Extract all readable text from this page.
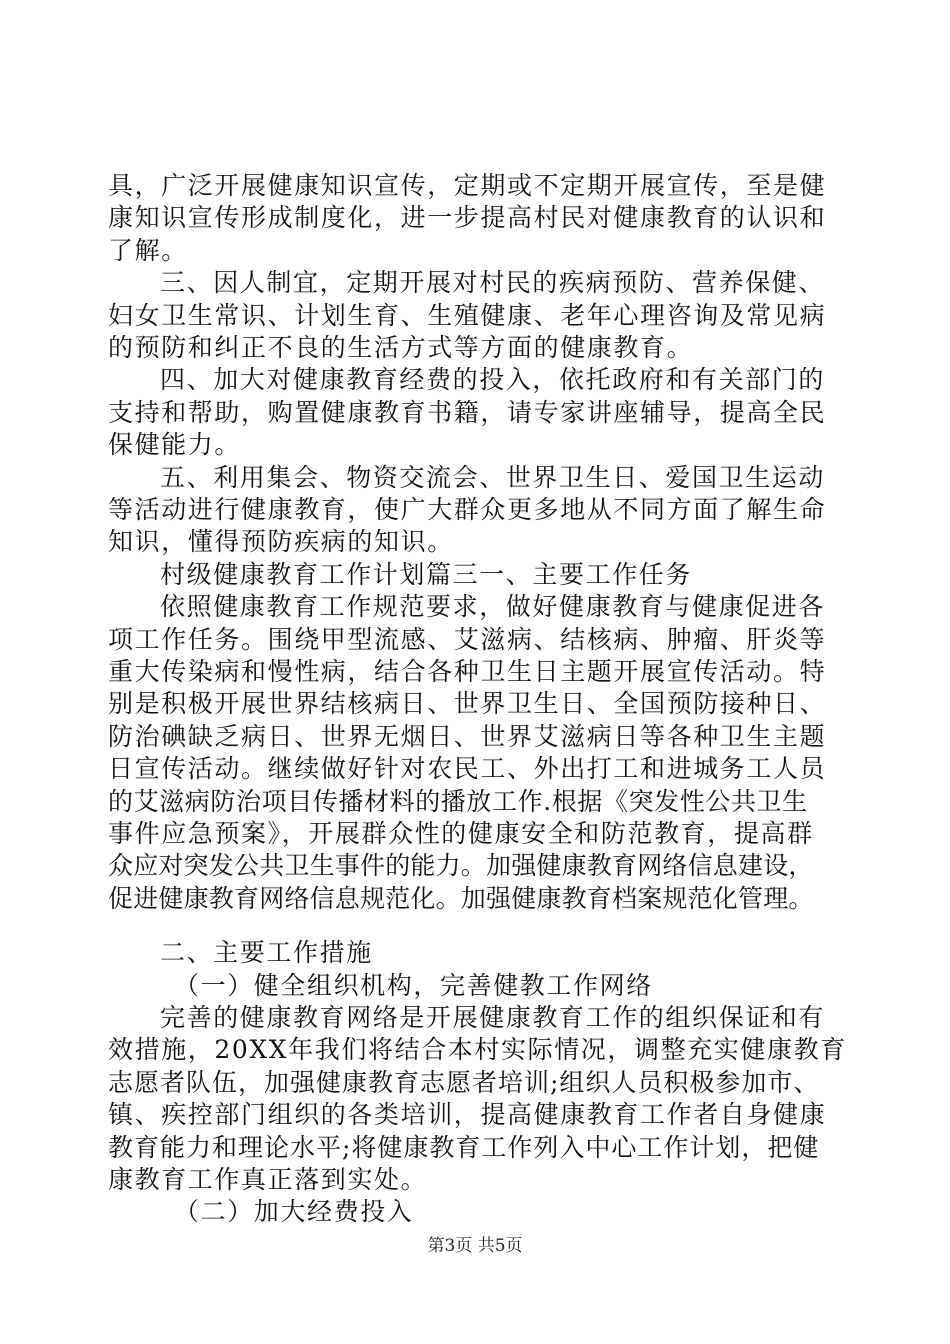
具，广泛开展健康知识宣传，定期或不定期开展宣传，至是健
康知识宣传形成制度化，进一步提高村民对健康教育的认识和
了解。
三、因人制宜，定期开展对村民的疾病预防、营养保健、
妇女卫生常识、计划生育、生殖健康、老年心理咨询及常见病
的预防和纠正不良的生活方式等方面的健康教育。
四、加大对健康教育经费的投入，依托政府和有关部门的
支持和帮助，购置健康教育书籍，请专家讲座辅导，提高全民
保健能力。
五、利用集会、物资交流会、世界卫生日、爱国卫生运动
等活动进行健康教育，使广大群众更多地从不同方面了解生命
知识，懂得预防疾病的知识。
村级健康教育工作计划篇三一、主要工作任务
依照健康教育工作规范要求，做好健康教育与健康促进各
项工作任务。围绕甲型流感、艾滋病、结核病、肿瘤、肝炎等
重大传染病和慢性病，结合各种卫生日主题开展宣传活动。特
别是积极开展世界结核病日、世界卫生日、全国预防接种日、
防治碘缺乏病日、世界无烟日、世界艾滋病日等各种卫生主题
日宣传活动。继续做好针对农民工、外出打工和进城务工人员
的艾滋病防治项目传播材料的播放工作.根据《突发性公共卫生
事件应急预案》，开展群众性的健康安全和防范教育，提高群
众应对突发公共卫生事件的能力。加强健康教育网络信息建设，
促进健康教育网络信息规范化。加强健康教育档案规范化管理。
二、主要工作措施
（一）健全组织机构，完善健教工作网络
完善的健康教育网络是开展健康教育工作的组织保证和有
效措施，20XX年我们将结合本村实际情况，调整充实健康教育
志愿者队伍，加强健康教育志愿者培训;组织人员积极参加市、
镇、疾控部门组织的各类培训，提高健康教育工作者自身健康
教育能力和理论水平;将健康教育工作列入中心工作计划，把健
康教育工作真正落到实处。
（二）加大经费投入
第3页 共5页
